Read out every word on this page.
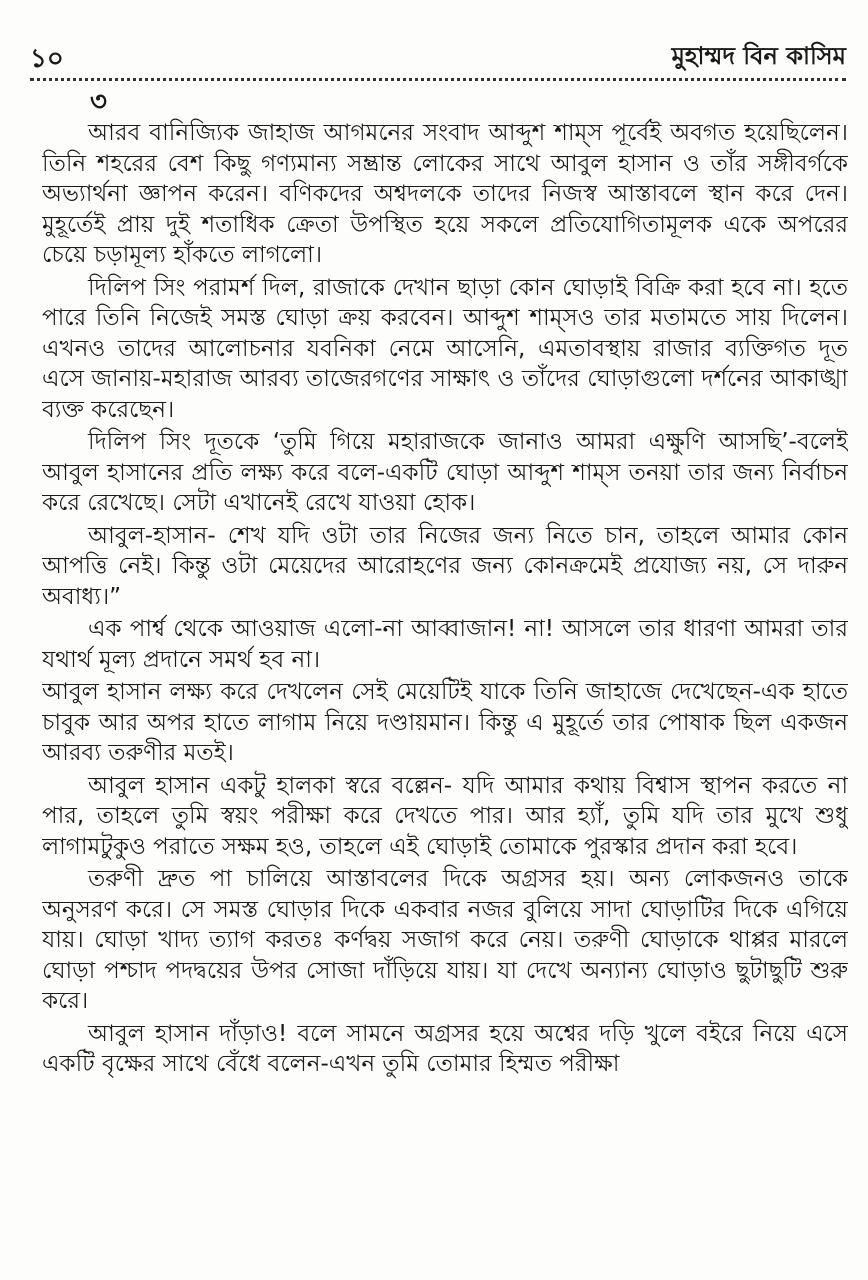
১০	মুহাম্মদ বিন কাসিম
৩

আরব বানিজ্যিক জাহাজ আগমনের সংবাদ আব্দুশ শাম্‌স পূর্বেই অবগত হয়েছিলেন। তিনি শহরের বেশ কিছু গণ্যমান্য সম্ভ্রান্ত লোকের সাথে আবুল হাসান ও তাঁর সঙ্গীবর্গকে অভ্যার্থনা জ্ঞাপন করেন। বণিকদের অশ্বদলকে তাদের নিজস্ব আস্তাবলে স্থান করে দেন। মুহূর্তেই প্রায় দুই শতাধিক ক্রেতা উপস্থিত হয়ে সকলে প্রতিযোগিতামূলক একে অপরের চেয়ে চড়ামূল্য হাঁকতে লাগলো।

দিলিপ সিং পরামর্শ দিল, রাজাকে দেখান ছাড়া কোন ঘোড়াই বিক্রি করা হবে না। হতে পারে তিনি নিজেই সমস্ত ঘোড়া ক্রয় করবেন। আব্দুশ শাম্‌সও তার মতামতে সায় দিলেন। এখনও তাদের আলোচনার যবনিকা নেমে আসেনি, এমতাবস্থায় রাজার ব্যক্তিগত দূত এসে জানায়-মহারাজ আরব্য তাজেরগণের সাক্ষাৎ ও তাঁদের ঘোড়াগুলো দর্শনের আকাঙ্খা ব্যক্ত করেছেন।

দিলিপ সিং দূতকে ‘তুমি গিয়ে মহারাজকে জানাও আমরা এক্ষুণি আসছি’-বলেই আবুল হাসানের প্রতি লক্ষ্য করে বলে-একটি ঘোড়া আব্দুশ শাম্‌স তনয়া তার জন্য নির্বাচন করে রেখেছে। সেটা এখানেই রেখে যাওয়া হোক।

আবুল-হাসান- শেখ যদি ওটা তার নিজের জন্য নিতে চান, তাহলে আমার কোন আপত্তি নেই। কিন্তু ওটা মেয়েদের আরোহণের জন্য কোনক্রমেই প্রযোজ্য নয়, সে দারুন অবাধ্য।”

এক পার্শ্ব থেকে আওয়াজ এলো-না আব্বাজান! না! আসলে তার ধারণা আমরা তার যথার্থ মূল্য প্রদানে সমর্থ হব না।

আবুল হাসান লক্ষ্য করে দেখলেন সেই মেয়েটিই যাকে তিনি জাহাজে দেখেছেন-এক হাতে চাবুক আর অপর হাতে লাগাম নিয়ে দণ্ডায়মান। কিন্তু এ মুহূর্তে তার পোষাক ছিল একজন আরব্য তরুণীর মতই।

আবুল হাসান একটু হালকা স্বরে বল্লেন- যদি আমার কথায় বিশ্বাস স্থাপন করতে না পার, তাহলে তুমি স্বয়ং পরীক্ষা করে দেখতে পার। আর হ্যাঁ, তুমি যদি তার মুখে শুধু লাগামটুকুও পরাতে সক্ষম হও, তাহলে এই ঘোড়াই তোমাকে পুরস্কার প্রদান করা হবে।

তরুণী দ্রুত পা চালিয়ে আস্তাবলের দিকে অগ্রসর হয়। অন্য লোকজনও তাকে অনুসরণ করে। সে সমস্ত ঘোড়ার দিকে একবার নজর বুলিয়ে সাদা ঘোড়াটির দিকে এগিয়ে যায়। ঘোড়া খাদ্য ত্যাগ করতঃ কর্ণদ্বয় সজাগ করে নেয়। তরুণী ঘোড়াকে থাপ্পর মারলে ঘোড়া পশ্চাদ পদদ্বয়ের উপর সোজা দাঁড়িয়ে যায়। যা দেখে অন্যান্য ঘোড়াও ছুটাছুটি শুরু করে।

আবুল হাসান দাঁড়াও! বলে সামনে অগ্রসর হয়ে অশ্বের দড়ি খুলে বইরে নিয়ে এসে একটি বৃক্ষের সাথে বেঁধে বলেন-এখন তুমি তোমার হিম্মত পরীক্ষা
